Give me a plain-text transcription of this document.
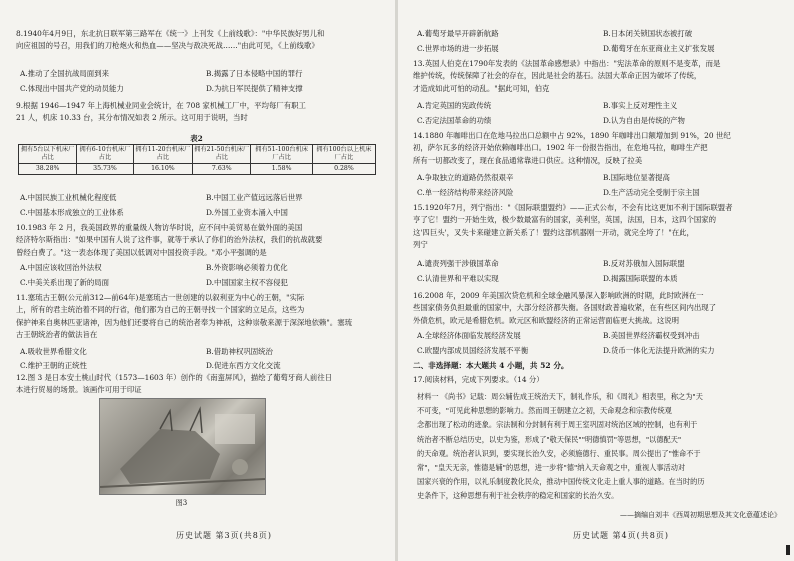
8.1940年4月9日，东北抗日联军第三路军在《统一》上刊发《上前线歌》："中华民族好男儿和
向应祖国的号召，用我们的刀枪炮火和热血——坚决与敌决死战……"由此可见，《上前线歌》
A.推动了全国抗战局面到来	B.揭露了日本侵略中国的罪行
C.体现出中国共产党的动员能力	D.为抗日军民提供了精神支撑
9.根据 1946—1947 年上海机械业同业会统计，在 708 家机械工厂中，平均每厂有职工
21 人，机床 10.33 台，其分布情况如表 2 所示。这可用于说明，当时
表2
拥有5台以下机床厂占比	拥有6-10台机床厂占比	拥有11-20台机床厂占比	拥有21-50台机床厂占比	拥有51-100台机床厂占比	拥有100台以上机床厂占比
38.28%	35.73%	16.10%	7.63%	1.58%	0.28%
A.中国民族工业机械化程度低	B.中国工业产值远远落后世界
C.中国基本形成独立的工业体系	D.外国工业资本涌入中国
10.1983 年 2 月，我美国政界的重量级人物访华时说，应不问中美贸易在做外面的美国
经济特尔斯指出："如果中国有人说了这件事，就等于承认了你们的治外法权，我们的抗战就要
曾经白费了。"这一表态体现了美国以低调对中国投资手段。"邓小平强调的是
A.中国应该收回治外法权	B.外资影响必须着力优化
C.中美关系出现了新的局面	D.中国国家主权不容侵犯
11.塞琉古王朝(公元前312—前64年)是塞琉古一世创建的以叙利亚为中心的王朝，"实际
上，所有的君主统治着不同的行省，他们都为自己的王朝寻找一个国家的立足点，这些为
保护神来自奥林匹亚诸神，因为他们还要将自己的统治者奉为神祇，这种崇敬来源于深深地依赖"。塞琉
古王朝统治者的做法旨在
A.吸收世界希腊文化	B.借助神权巩固统治
C.维护王朝的正统性	D.促进东西方文化交流
12.图 3 是日本安土桃山时代（1573—1603 年）创作的《南蛮屏风》，描绘了葡萄牙商人前往日
本进行贸易的场景。该画作可用于印证
图3
历史试题 第3页(共8页)
A.葡萄牙最早开辟新航路	B.日本闭关锁国状态被打破
C.世界市场的进一步拓展	D.葡萄牙在东亚商业主义扩张发展
13.英国人伯克在1790年发表的《法国革命感想录》中指出："宪法革命的原则不是变革，而是
维护传统，传统保障了社会的存在，因此是社会的基石。法国大革命正因为破坏了传统，
才造成如此可怕的动乱。"据此可知，伯克
A.肯定英国的宪政传统	B.事实上反对理性主义
C.否定法国革命的功绩	D.认为自由是传统的产物
14.1880 年咖啡出口在危地马拉出口总额中占 92%，1890 年咖啡出口额增加到 91%，20 世纪
初，萨尔瓦多的经济开始依赖咖啡出口。1902 年一份报告指出，在危地马拉，咖啡生产把
所有一切都改变了，现在食品通常靠进口供应。这种情况，反映了拉美
A.争取独立的道路仍然很艰辛	B.国际地位显著提高
C.单一经济结构带来经济风险	D.生产活动完全受制于宗主国
15.1920年7月，列宁指出："《国际联盟盟约》——正式公布，不会有比这更加不利于国际联盟者
亨了它！盟约一开始生效，极少数最富有的国家，美利坚，英国，法国，日本，这四个国家的
这'四巨头'，叉失卡来碰建立新关系了！盟约这部机器刚一开动，就完全垮了！"在此，
列宁
A.谴责列强干涉俄国革命	B.反对苏俄加入国际联盟
C.认清世界和平难以实现	D.揭露国际联盟的本质
16.2008 年，2009 年美国次贷危机和全球金融风暴深入影响欧洲的时期，此时欧洲在一
些国家债务负担最重的国家中，大部分经济都失衡。各国财政普遍收紧，在有些区间内出现了
外债危机，欧元是希腊危机。欧元区和欧盟经济的正常运营面临更大挑战。这说明
A.全球经济体面临发展经济发展	B.美国世界经济霸权受到冲击
C.欧盟内部成员国经济发展不平衡	D.货币一体化无法提升欧洲的实力
二、非选择题：本大题共 4 小题，共 52 分。
17.阅读材料，完成下列要求。（14 分）
材料一 《尚书》记载：周公辅佐成王统治天下，制礼作乐，和《周礼》相表里，称之为"天
不可变，"可见此种思想的影响力。然而周王朝建立之初，天命观念和宗教传统观
念都出现了松动的迹象。宗法制和分封制有利于周王室巩固对统治区域的控制，也有利于
统治者不断总结历史，以史为鉴，形成了"敬天保民""明德慎罚"等思想，"以德配天"
的天命观。统治者认识到，要实现长治久安，必须施德行、重民事。周公提出了"惟命不于
常"，"皇天无亲，惟德是辅"的思想，进一步将"德"纳入天命观之中，重视人事活动对
国家兴衰的作用，以礼乐制度教化民众，推动中国传统文化走上重人事的道路。在当时的历
史条件下，这种思想有利于社会秩序的稳定和国家的长治久安。
——摘编自刘丰《西周初期思想及其文化意蕴述论》
历史试题 第4页(共8页)
